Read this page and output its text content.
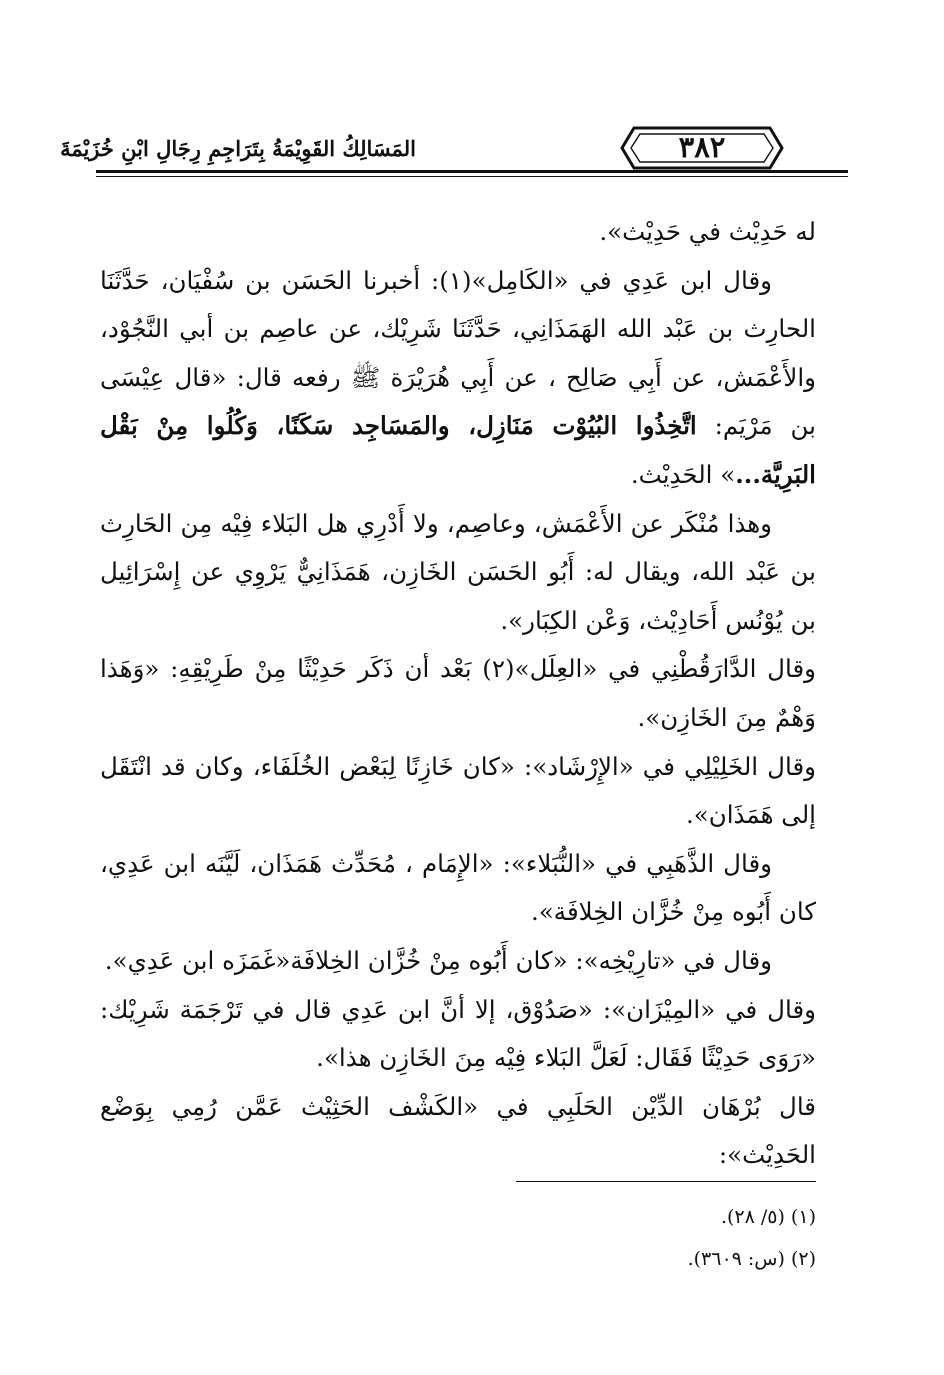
المَسَالِكُ القَوِيْمَةُ بِتَرَاجِمِ رِجَالِ ابْنِ خُزَيْمَةَ	٣٨٢

له حَدِيْث في حَدِيْث».

وقال ابن عَدِي في «الكَامِل»(١): أخبرنا الحَسَن بن سُفْيَان، حَدَّثَنَا الحارِث بن عَبْد الله الهَمَذَانِي، حَدَّثَنَا شَرِيْك، عن عاصِم بن أبي النَّجُوْد، والأَعْمَش، عن أَبِي صَالِح ، عن أَبِي هُرَيْرَة ﷺ رفعه قال: «قال عِيْسَى بن مَرْيَم: اتَّخِذُوا البُيُوْت مَنَازِل، والمَسَاجِد سَكَنًا، وَكُلُوا مِنْ بَقْل البَرِيَّة...» الحَدِيْث.

وهذا مُنْكَر عن الأَعْمَش، وعاصِم، ولا أَدْرِي هل البَلاء فِيْه مِن الحَارِث بن عَبْد الله، ويقال له: أَبُو الحَسَن الخَازِن، هَمَذَانِيٌّ يَرْوِي عن إِسْرَائِيل بن يُوْنُس أَحَادِيْث، وَعْن الكِبَار».

وقال الدَّارَقُطْنِي في «العِلَل»(٢) بَعْد أن ذَكَر حَدِيْثًا مِنْ طَرِيْقِهِ: «وَهَذا وَهْمٌ مِنَ الخَازِن».

وقال الخَلِيْلِي في «الإِرْشَاد»: «كان خَازِنًا لِبَعْض الخُلَفَاء، وكان قد انْتَقَل إلى هَمَذَان».

وقال الذَّهَبِي في «النُّبَلاء»: «الإِمَام ، مُحَدِّث هَمَذَان، لَيَّنَه ابن عَدِي، كان أَبُوه مِنْ خُزَّان الخِلافَة».

وقال في «تارِيْخِه»: «كان أَبُوه مِنْ خُزَّان الخِلافَة«غَمَزَه ابن عَدِي».

وقال في «المِيْزَان»: «صَدُوْق، إلا أنَّ ابن عَدِي قال في تَرْجَمَة شَرِيْك: «رَوَى حَدِيْثًا فَقَال: لَعَلَّ البَلاء فِيْه مِنَ الخَازِن هذا».

قال بُرْهَان الدِّيْن الحَلَبِي في «الكَشْف الحَثِيْث عَمَّن رُمِي بِوَضْع الحَدِيْث»:

(١) (٥/ ٢٨).

(٢) (س: ٣٦٠٩).
